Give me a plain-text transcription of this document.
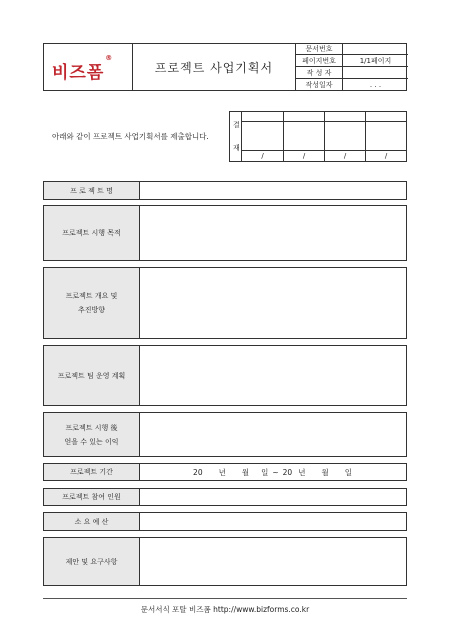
비즈폼®
프로젝트 사업기획서
문서번호
페이지번호	1/1페이지
작 성 자
작성일자	. . .
아래와 같이 프로젝트 사업기획서를 제출합니다.
결
재
/	/	/	/
프 로 젝 트 명
프로젝트 시행 목적
프로젝트 개요 및
추진방향
프로젝트 팀 운영 계획
프로젝트 시행 後
얻을 수 있는 이익
프로젝트 기간	20 년 월 일 ~ 20 년 월 일
프로젝트 참여 인원
소 요 예 산
제안 및 요구사항
문서서식 포탈 비즈폼 http://www.bizforms.co.kr
